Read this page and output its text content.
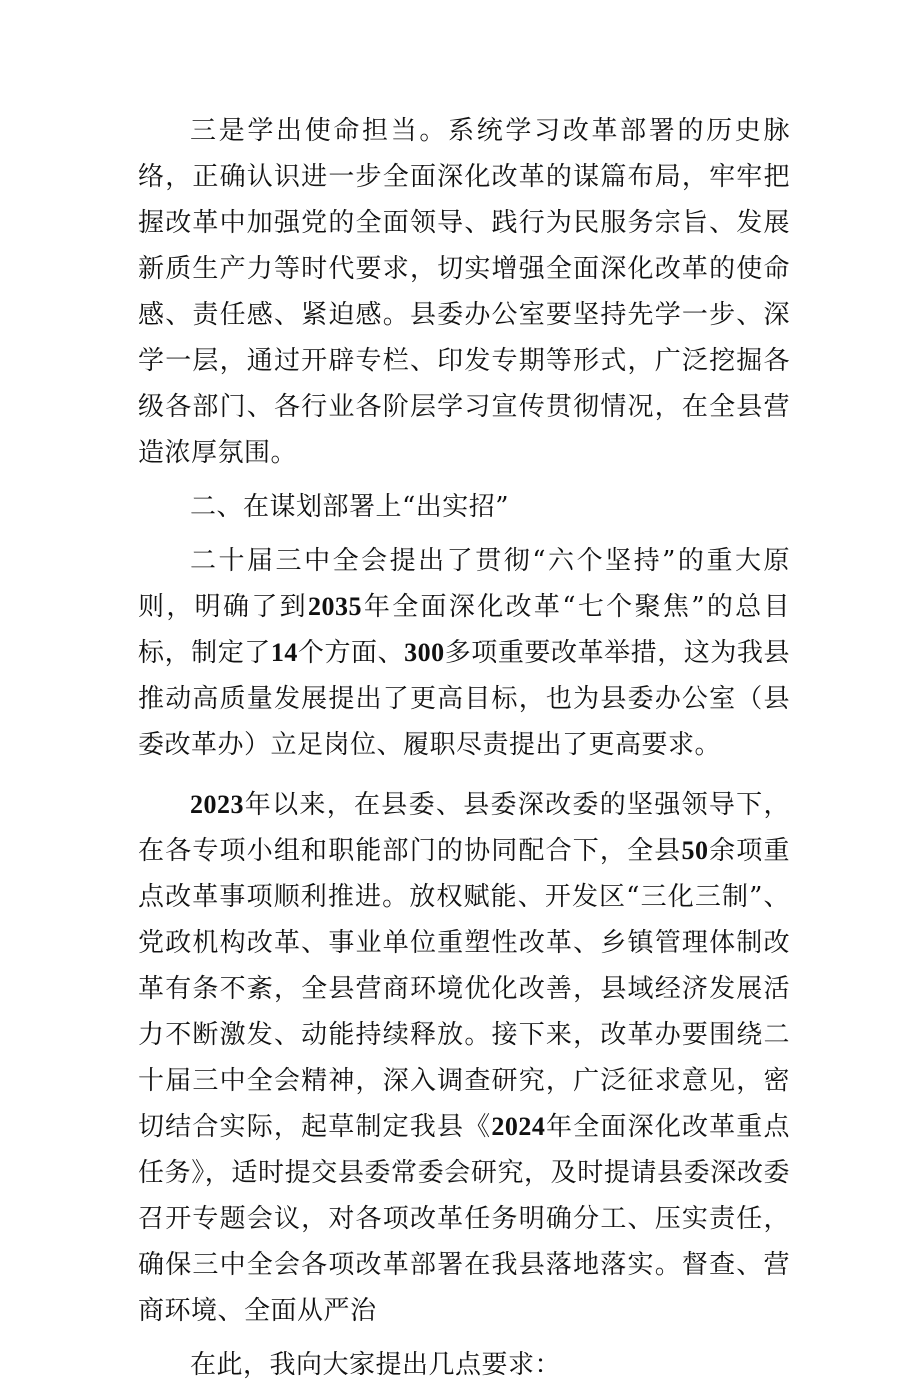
三是学出使命担当。系统学习改革部署的历史脉络，正确认识进一步全面深化改革的谋篇布局，牢牢把握改革中加强党的全面领导、践行为民服务宗旨、发展新质生产力等时代要求，切实增强全面深化改革的使命感、责任感、紧迫感。县委办公室要坚持先学一步、深学一层，通过开辟专栏、印发专期等形式，广泛挖掘各级各部门、各行业各阶层学习宣传贯彻情况，在全县营造浓厚氛围。

二、在谋划部署上“出实招”

二十届三中全会提出了贯彻“六个坚持”的重大原则，明确了到2035年全面深化改革“七个聚焦”的总目标，制定了14个方面、300多项重要改革举措，这为我县推动高质量发展提出了更高目标，也为县委办公室（县委改革办）立足岗位、履职尽责提出了更高要求。

2023年以来，在县委、县委深改委的坚强领导下，在各专项小组和职能部门的协同配合下，全县50余项重点改革事项顺利推进。放权赋能、开发区“三化三制”、党政机构改革、事业单位重塑性改革、乡镇管理体制改革有条不紊，全县营商环境优化改善，县域经济发展活力不断激发、动能持续释放。接下来，改革办要围绕二十届三中全会精神，深入调查研究，广泛征求意见，密切结合实际，起草制定我县《2024年全面深化改革重点任务》，适时提交县委常委会研究，及时提请县委深改委召开专题会议，对各项改革任务明确分工、压实责任，确保三中全会各项改革部署在我县落地落实。督查、营商环境、全面从严治

在此，我向大家提出几点要求：
